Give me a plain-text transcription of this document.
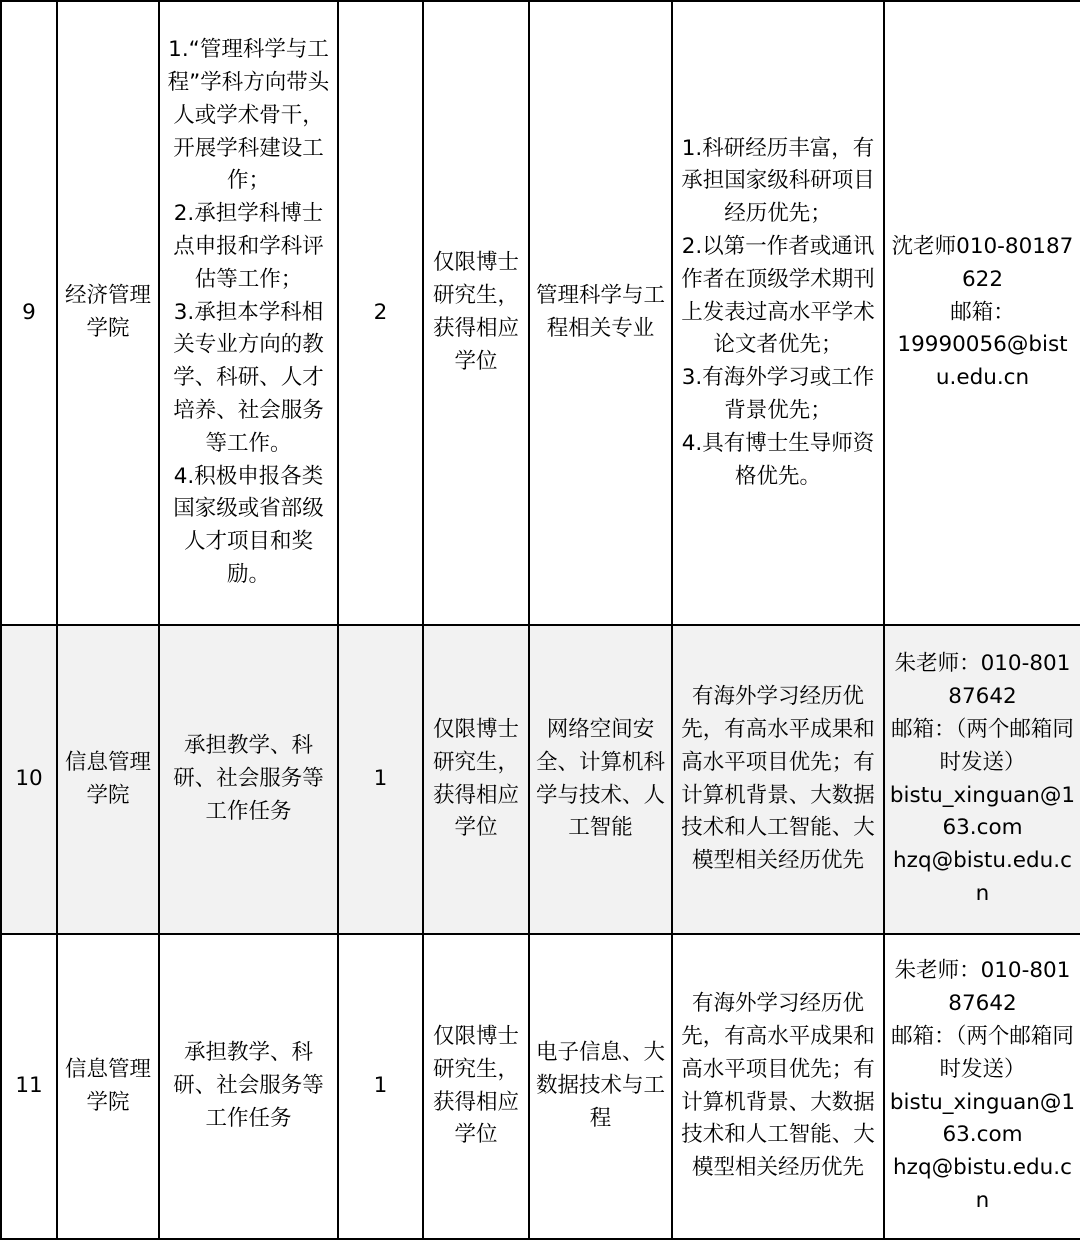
9	经济管理学院	1.“管理科学与工程”学科方向带头人或学术骨干，开展学科建设工作；
2.承担学科博士点申报和学科评估等工作；
3.承担本学科相关专业方向的教学、科研、人才培养、社会服务等工作。
4.积极申报各类国家级或省部级人才项目和奖励。	2	仅限博士研究生，获得相应学位	管理科学与工程相关专业	1.科研经历丰富，有承担国家级科研项目经历优先；
2.以第一作者或通讯作者在顶级学术期刊上发表过高水平学术论文者优先；
3.有海外学习或工作背景优先；
4.具有博士生导师资格优先。	沈老师010-80187622
邮箱：
19990056@bistu.edu.cn

10	信息管理学院	承担教学、科研、社会服务等工作任务	1	仅限博士研究生，获得相应学位	网络空间安全、计算机科学与技术、人工智能	有海外学习经历优先，有高水平成果和高水平项目优先；有计算机背景、大数据技术和人工智能、大模型相关经历优先	朱老师：010-80187642
邮箱：（两个邮箱同时发送）
bistu_xinguan@163.com
hzq@bistu.edu.cn

11	信息管理学院	承担教学、科研、社会服务等工作任务	1	仅限博士研究生，获得相应学位	电子信息、大数据技术与工程	有海外学习经历优先，有高水平成果和高水平项目优先；有计算机背景、大数据技术和人工智能、大模型相关经历优先	朱老师：010-80187642
邮箱：（两个邮箱同时发送）
bistu_xinguan@163.com
hzq@bistu.edu.cn
